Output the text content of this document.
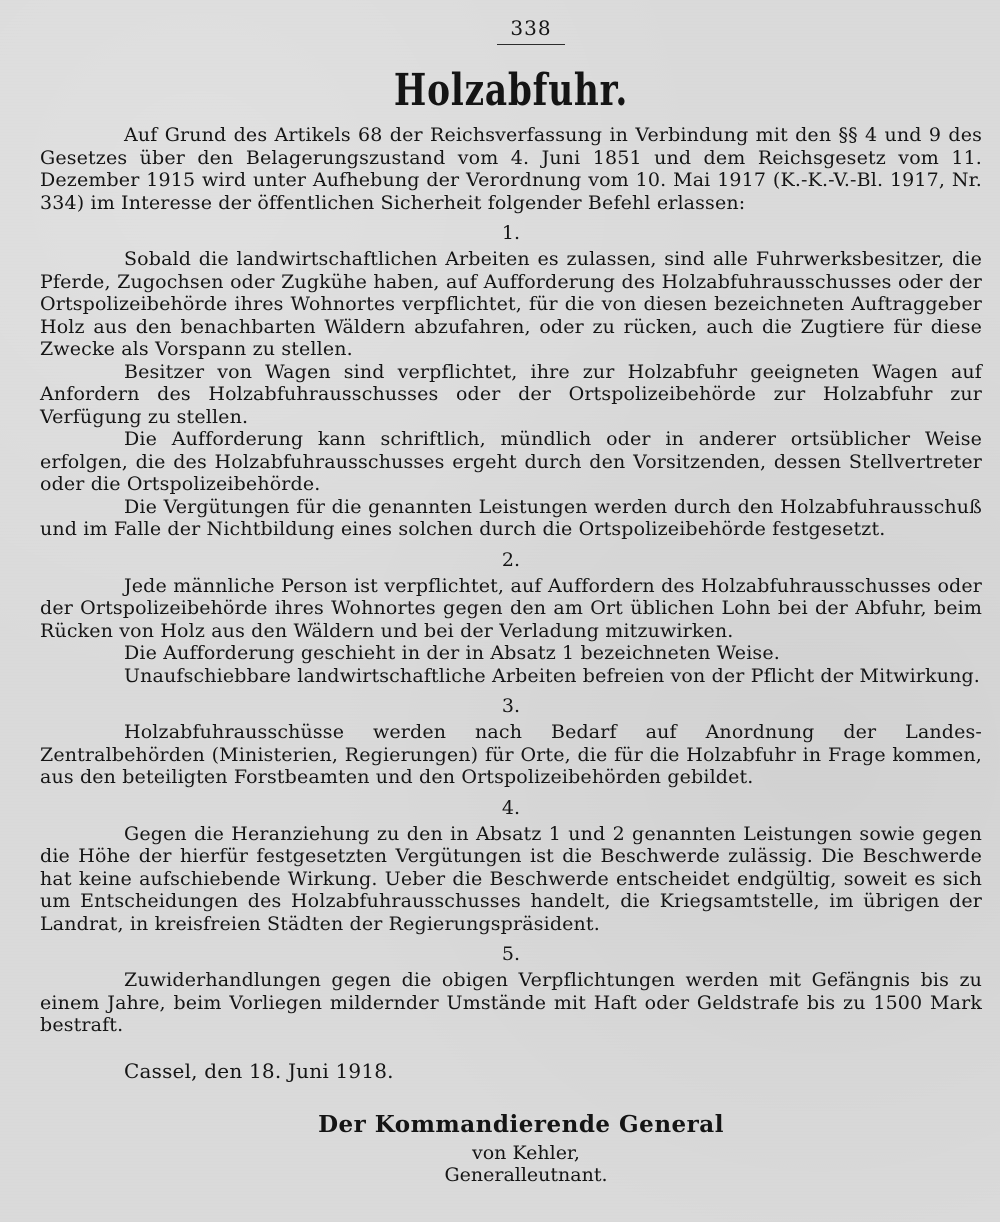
338
Holzabfuhr.

Auf Grund des Artikels 68 der Reichsverfassung in Verbindung mit den §§ 4 und 9 des Gesetzes über den Belagerungszustand vom 4. Juni 1851 und dem Reichsgesetz vom 11. Dezember 1915 wird unter Aufhebung der Verordnung vom 10. Mai 1917 (K.-K.-V.-Bl. 1917, Nr. 334) im Interesse der öffentlichen Sicherheit folgender Befehl erlassen:

1.

Sobald die landwirtschaftlichen Arbeiten es zulassen, sind alle Fuhrwerksbesitzer, die Pferde, Zugochsen oder Zugkühe haben, auf Aufforderung des Holzabfuhrausschusses oder der Ortspolizeibehörde ihres Wohnortes verpflichtet, für die von diesen bezeichneten Auftraggeber Holz aus den benachbarten Wäldern abzufahren, oder zu rücken, auch die Zugtiere für diese Zwecke als Vorspann zu stellen.

Besitzer von Wagen sind verpflichtet, ihre zur Holzabfuhr geeigneten Wagen auf Anfordern des Holzabfuhrausschusses oder der Ortspolizeibehörde zur Holzabfuhr zur Verfügung zu stellen.

Die Aufforderung kann schriftlich, mündlich oder in anderer ortsüblicher Weise erfolgen, die des Holzabfuhrausschusses ergeht durch den Vorsitzenden, dessen Stellvertreter oder die Ortspolizeibehörde.

Die Vergütungen für die genannten Leistungen werden durch den Holzabfuhrausschuß und im Falle der Nichtbildung eines solchen durch die Ortspolizeibehörde festgesetzt.

2.

Jede männliche Person ist verpflichtet, auf Auffordern des Holzabfuhrausschusses oder der Ortspolizeibehörde ihres Wohnortes gegen den am Ort üblichen Lohn bei der Abfuhr, beim Rücken von Holz aus den Wäldern und bei der Verladung mitzuwirken.

Die Aufforderung geschieht in der in Absatz 1 bezeichneten Weise.

Unaufschiebbare landwirtschaftliche Arbeiten befreien von der Pflicht der Mitwirkung.

3.

Holzabfuhrausschüsse werden nach Bedarf auf Anordnung der Landes-Zentralbehörden (Ministerien, Regierungen) für Orte, die für die Holzabfuhr in Frage kommen, aus den beteiligten Forstbeamten und den Ortspolizeibehörden gebildet.

4.

Gegen die Heranziehung zu den in Absatz 1 und 2 genannten Leistungen sowie gegen die Höhe der hierfür festgesetzten Vergütungen ist die Beschwerde zulässig. Die Beschwerde hat keine aufschiebende Wirkung. Ueber die Beschwerde entscheidet endgültig, soweit es sich um Entscheidungen des Holzabfuhrausschusses handelt, die Kriegsamtstelle, im übrigen der Landrat, in kreisfreien Städten der Regierungspräsident.

5.

Zuwiderhandlungen gegen die obigen Verpflichtungen werden mit Gefängnis bis zu einem Jahre, beim Vorliegen mildernder Umstände mit Haft oder Geldstrafe bis zu 1500 Mark bestraft.

Cassel, den 18. Juni 1918.
Der Kommandierende General
von Kehler,
Generalleutnant.
